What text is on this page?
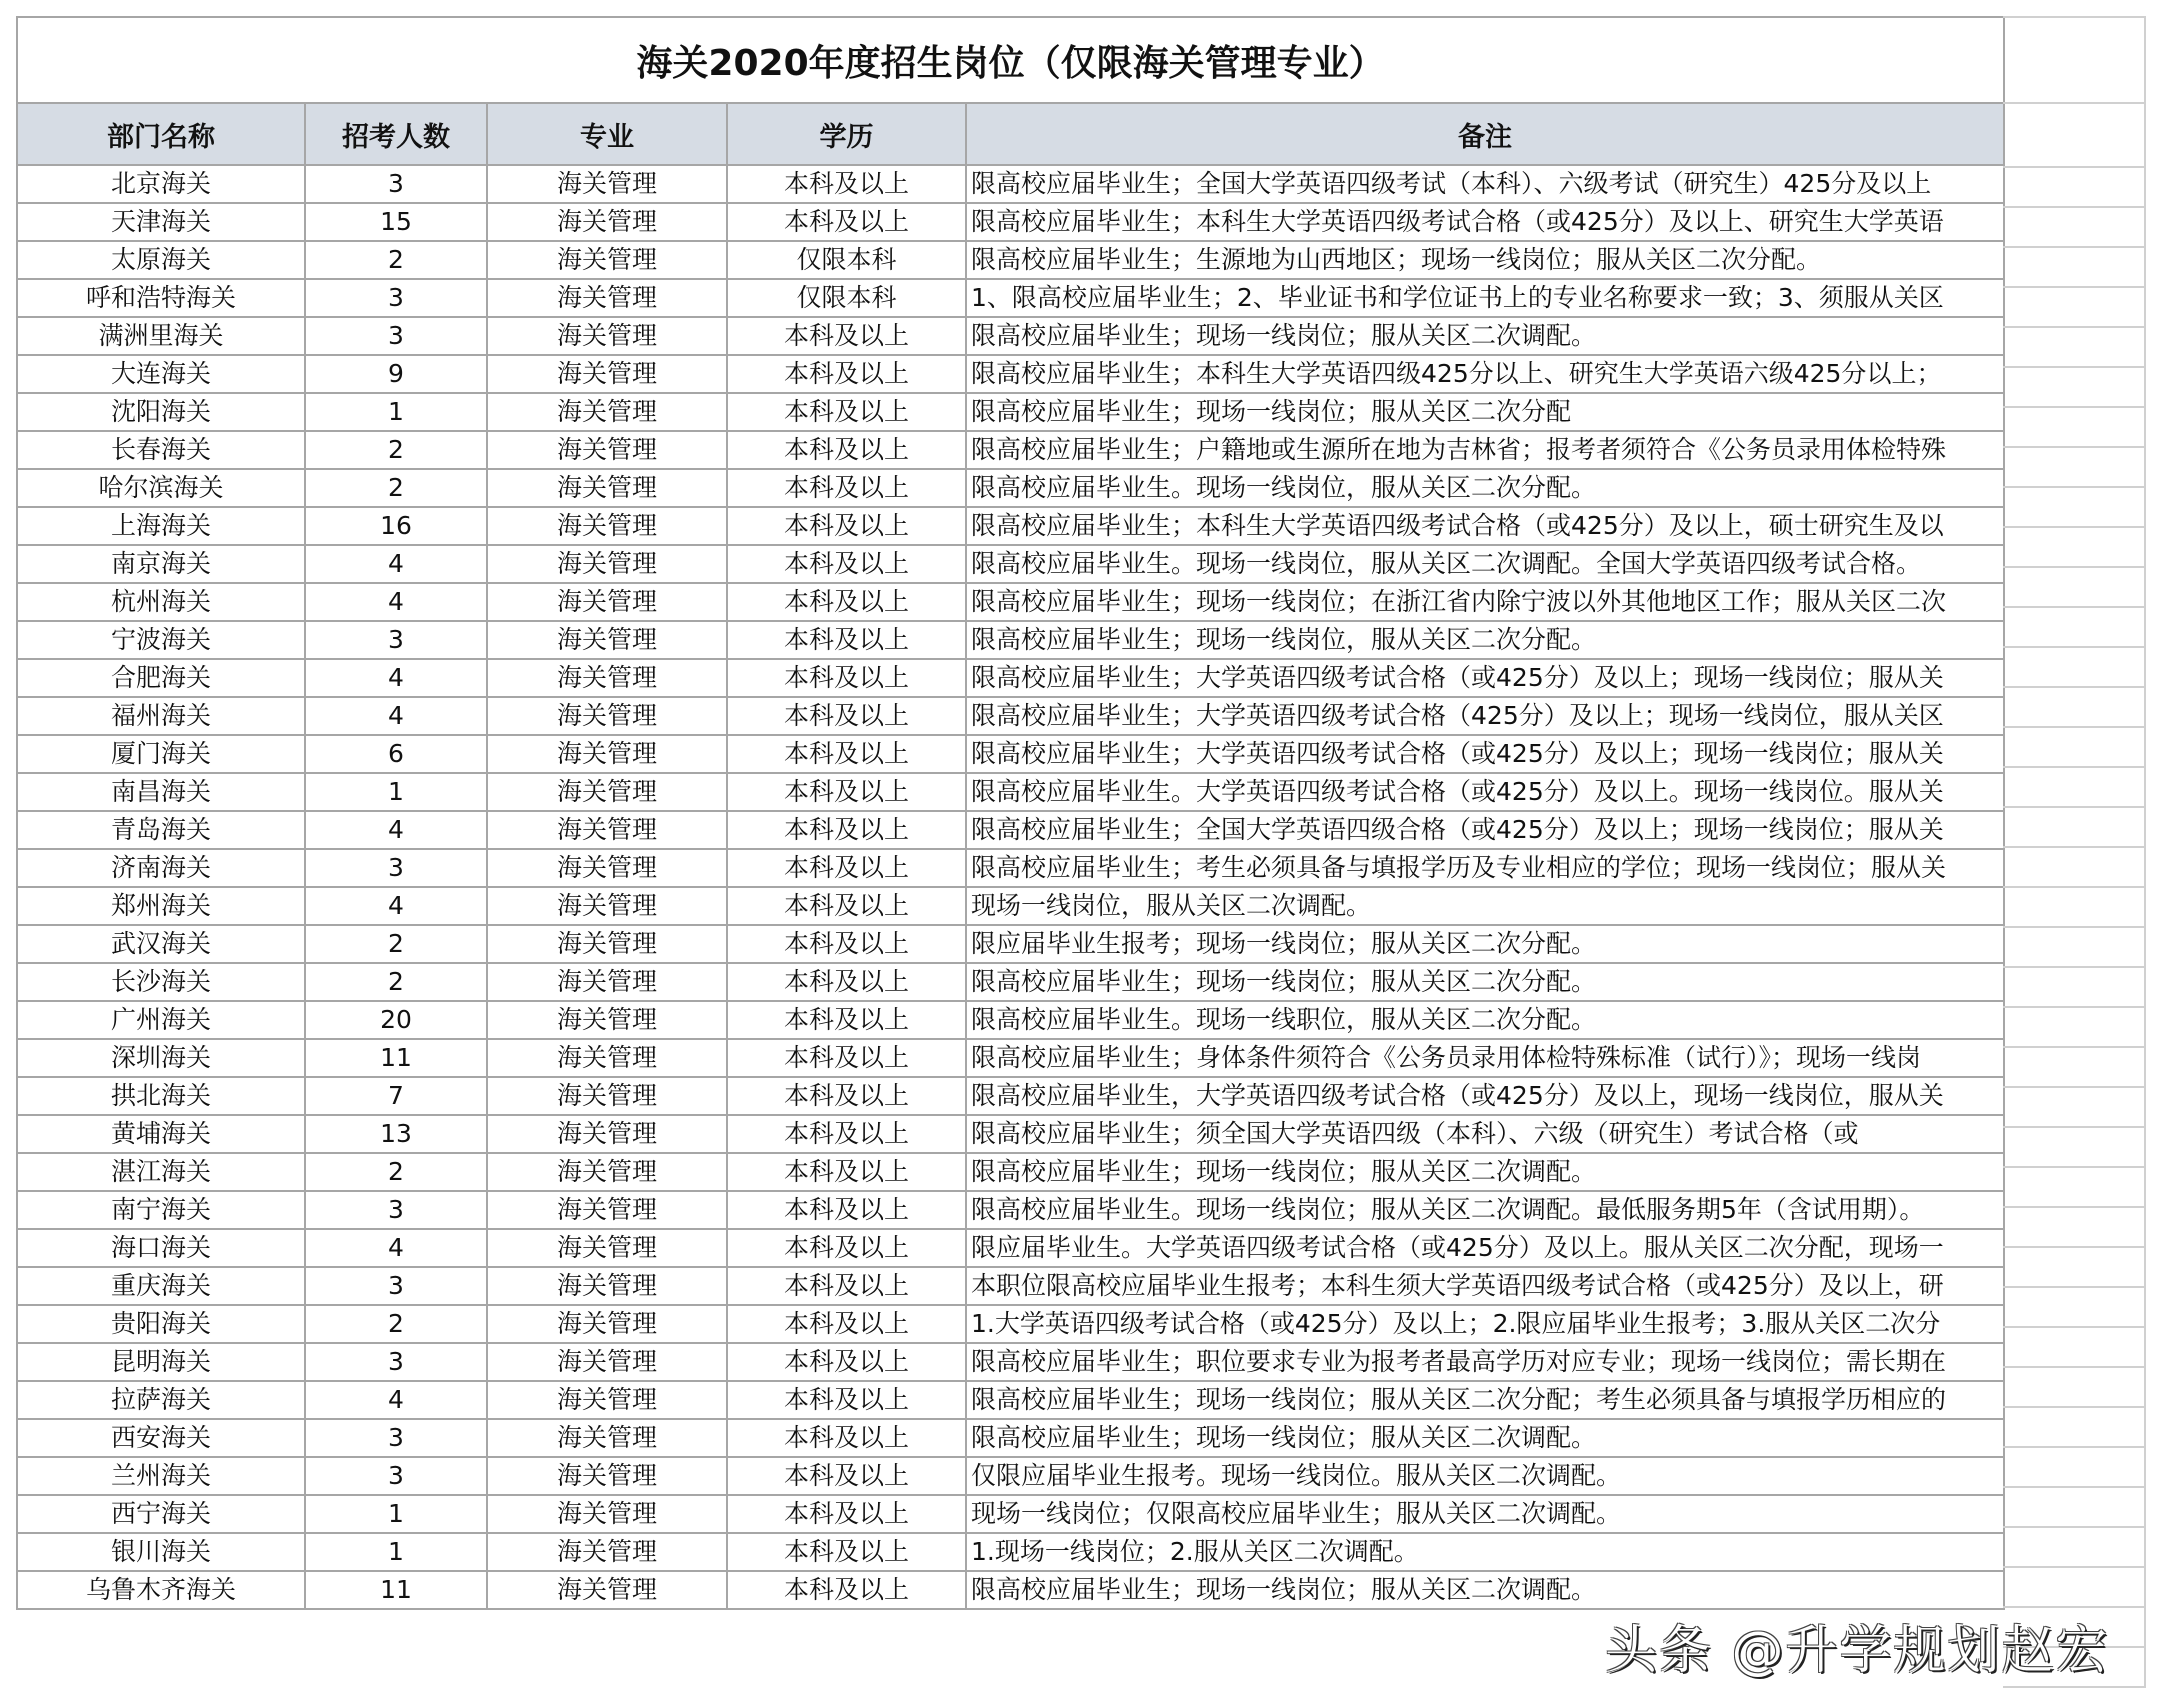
海关2020年度招生岗位（仅限海关管理专业）				
部门名称	招考人数	专业	学历	备注
北京海关	3	海关管理	本科及以上	限高校应届毕业生；全国大学英语四级考试（本科）、六级考试（研究生）425分及以上
天津海关	15	海关管理	本科及以上	限高校应届毕业生；本科生大学英语四级考试合格（或425分）及以上、研究生大学英语
太原海关	2	海关管理	仅限本科	限高校应届毕业生；生源地为山西地区；现场一线岗位；服从关区二次分配。
呼和浩特海关	3	海关管理	仅限本科	1、限高校应届毕业生；2、毕业证书和学位证书上的专业名称要求一致；3、须服从关区
满洲里海关	3	海关管理	本科及以上	限高校应届毕业生；现场一线岗位；服从关区二次调配。
大连海关	9	海关管理	本科及以上	限高校应届毕业生；本科生大学英语四级425分以上、研究生大学英语六级425分以上；
沈阳海关	1	海关管理	本科及以上	限高校应届毕业生；现场一线岗位；服从关区二次分配
长春海关	2	海关管理	本科及以上	限高校应届毕业生；户籍地或生源所在地为吉林省；报考者须符合《公务员录用体检特殊
哈尔滨海关	2	海关管理	本科及以上	限高校应届毕业生。现场一线岗位，服从关区二次分配。
上海海关	16	海关管理	本科及以上	限高校应届毕业生；本科生大学英语四级考试合格（或425分）及以上，硕士研究生及以
南京海关	4	海关管理	本科及以上	限高校应届毕业生。现场一线岗位，服从关区二次调配。全国大学英语四级考试合格。
杭州海关	4	海关管理	本科及以上	限高校应届毕业生；现场一线岗位；在浙江省内除宁波以外其他地区工作；服从关区二次
宁波海关	3	海关管理	本科及以上	限高校应届毕业生；现场一线岗位，服从关区二次分配。
合肥海关	4	海关管理	本科及以上	限高校应届毕业生；大学英语四级考试合格（或425分）及以上；现场一线岗位；服从关
福州海关	4	海关管理	本科及以上	限高校应届毕业生；大学英语四级考试合格（425分）及以上；现场一线岗位，服从关区
厦门海关	6	海关管理	本科及以上	限高校应届毕业生；大学英语四级考试合格（或425分）及以上；现场一线岗位；服从关
南昌海关	1	海关管理	本科及以上	限高校应届毕业生。大学英语四级考试合格（或425分）及以上。现场一线岗位。服从关
青岛海关	4	海关管理	本科及以上	限高校应届毕业生；全国大学英语四级合格（或425分）及以上；现场一线岗位；服从关
济南海关	3	海关管理	本科及以上	限高校应届毕业生；考生必须具备与填报学历及专业相应的学位；现场一线岗位；服从关
郑州海关	4	海关管理	本科及以上	现场一线岗位，服从关区二次调配。
武汉海关	2	海关管理	本科及以上	限应届毕业生报考；现场一线岗位；服从关区二次分配。
长沙海关	2	海关管理	本科及以上	限高校应届毕业生；现场一线岗位；服从关区二次分配。
广州海关	20	海关管理	本科及以上	限高校应届毕业生。现场一线职位，服从关区二次分配。
深圳海关	11	海关管理	本科及以上	限高校应届毕业生；身体条件须符合《公务员录用体检特殊标准（试行）》；现场一线岗
拱北海关	7	海关管理	本科及以上	限高校应届毕业生，大学英语四级考试合格（或425分）及以上，现场一线岗位，服从关
黄埔海关	13	海关管理	本科及以上	限高校应届毕业生；须全国大学英语四级（本科）、六级（研究生）考试合格（或
湛江海关	2	海关管理	本科及以上	限高校应届毕业生；现场一线岗位；服从关区二次调配。
南宁海关	3	海关管理	本科及以上	限高校应届毕业生。现场一线岗位；服从关区二次调配。最低服务期5年（含试用期）。
海口海关	4	海关管理	本科及以上	限应届毕业生。大学英语四级考试合格（或425分）及以上。服从关区二次分配，现场一
重庆海关	3	海关管理	本科及以上	本职位限高校应届毕业生报考；本科生须大学英语四级考试合格（或425分）及以上，研
贵阳海关	2	海关管理	本科及以上	1.大学英语四级考试合格（或425分）及以上；2.限应届毕业生报考；3.服从关区二次分
昆明海关	3	海关管理	本科及以上	限高校应届毕业生；职位要求专业为报考者最高学历对应专业；现场一线岗位；需长期在
拉萨海关	4	海关管理	本科及以上	限高校应届毕业生；现场一线岗位；服从关区二次分配；考生必须具备与填报学历相应的
西安海关	3	海关管理	本科及以上	限高校应届毕业生；现场一线岗位；服从关区二次调配。
兰州海关	3	海关管理	本科及以上	仅限应届毕业生报考。现场一线岗位。服从关区二次调配。
西宁海关	1	海关管理	本科及以上	现场一线岗位；仅限高校应届毕业生；服从关区二次调配。
银川海关	1	海关管理	本科及以上	1.现场一线岗位；2.服从关区二次调配。
乌鲁木齐海关	11	海关管理	本科及以上	限高校应届毕业生；现场一线岗位；服从关区二次调配。
头条 @升学规划赵宏
